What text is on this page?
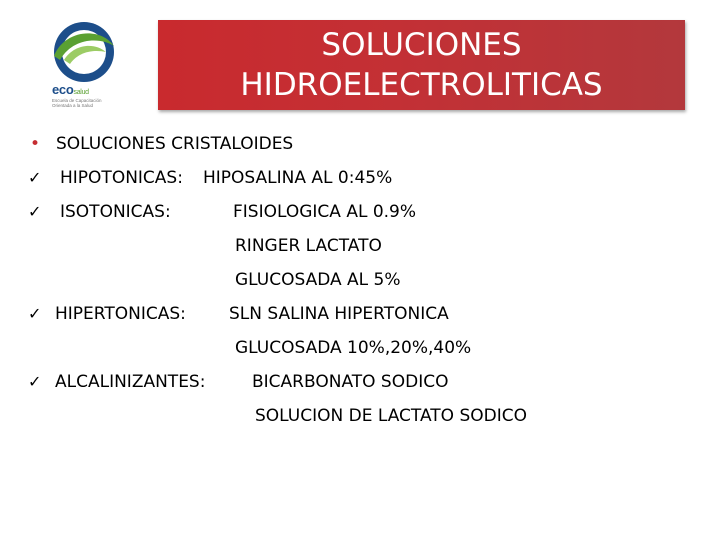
ecosalud
Escuela de Capacitación Orientada a la Salud
SOLUCIONES
HIDROELECTROLITICAS
• SOLUCIONES CRISTALOIDES
✓ HIPOTONICAS: HIPOSALINA AL 0:45%
✓ ISOTONICAS:	FISIOLOGICA AL 0.9%
RINGER LACTATO
GLUCOSADA AL 5%
✓ HIPERTONICAS:	SLN SALINA HIPERTONICA
GLUCOSADA 10%,20%,40%
✓ ALCALINIZANTES:	BICARBONATO SODICO
SOLUCION DE LACTATO SODICO
